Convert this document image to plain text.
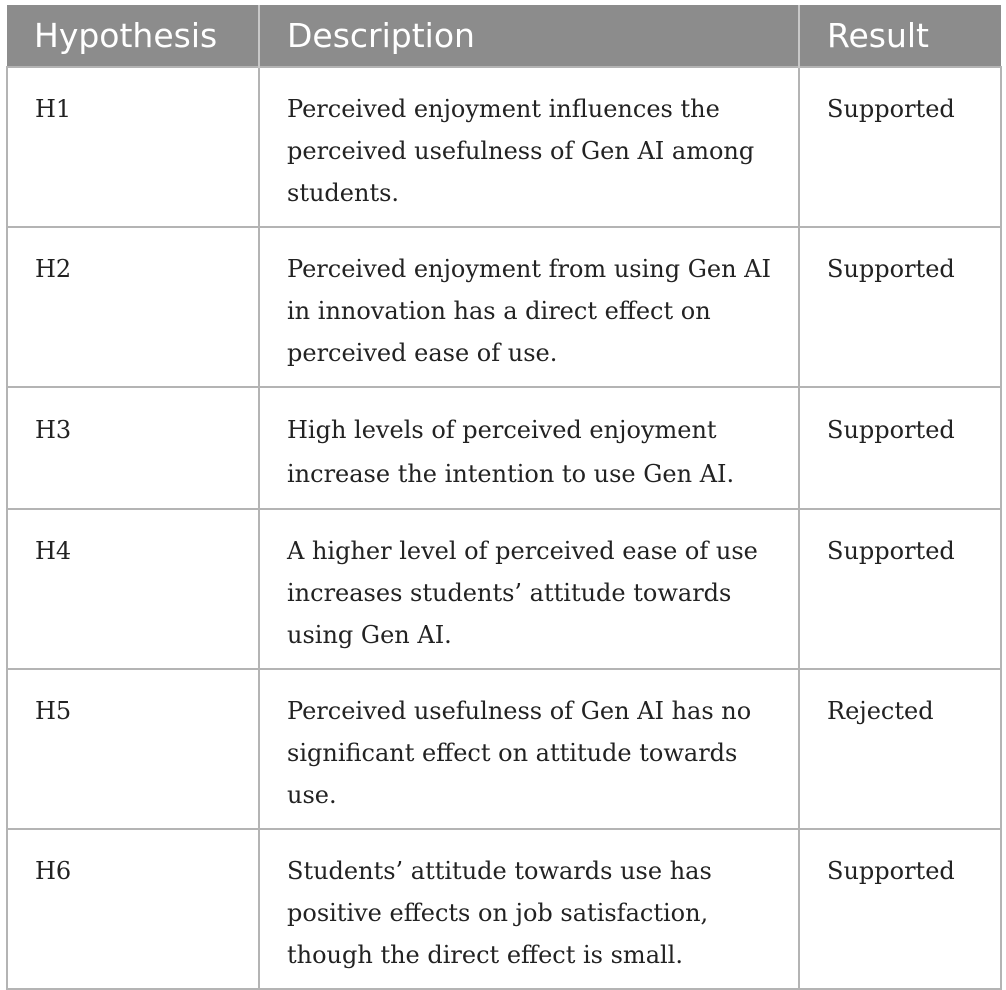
Hypothesis	Description	Result
H1	Perceived enjoyment influences the perceived usefulness of Gen AI among students.	Supported
H2	Perceived enjoyment from using Gen AI in innovation has a direct effect on perceived ease of use.	Supported
H3	High levels of perceived enjoyment increase the intention to use Gen AI.	Supported
H4	A higher level of perceived ease of use increases students’ attitude towards using Gen AI.	Supported
H5	Perceived usefulness of Gen AI has no significant effect on attitude towards use.	Rejected
H6	Students’ attitude towards use has positive effects on job satisfaction, though the direct effect is small.	Supported
